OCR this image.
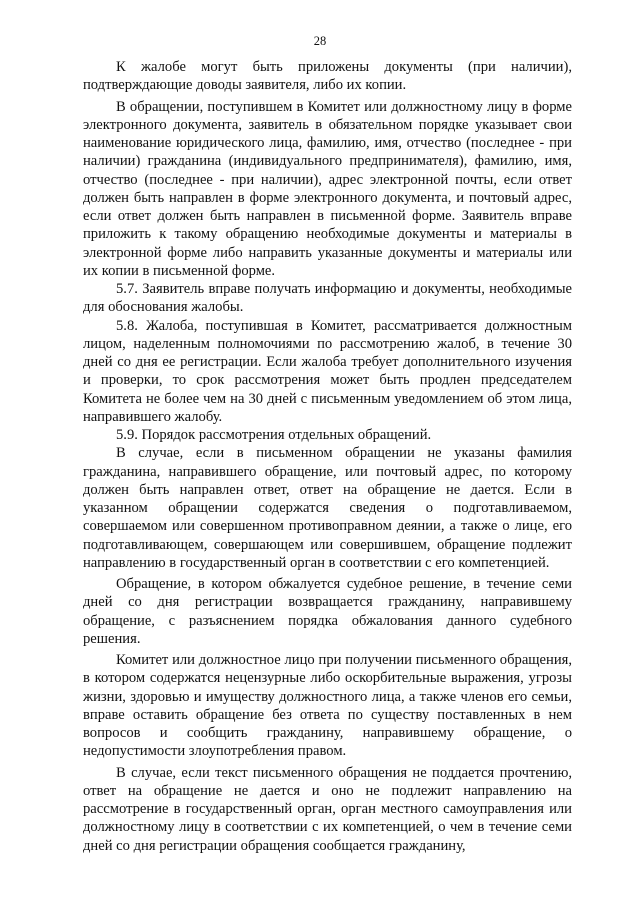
28

К жалобе могут быть приложены документы (при наличии), подтверждающие доводы заявителя, либо их копии.

В обращении, поступившем в Комитет или должностному лицу в форме электронного документа, заявитель в обязательном порядке указывает свои наименование юридического лица, фамилию, имя, отчество (последнее - при наличии) гражданина (индивидуального предпринимателя), фамилию, имя, отчество (последнее - при наличии), адрес электронной почты, если ответ должен быть направлен в форме электронного документа, и почтовый адрес, если ответ должен быть направлен в письменной форме. Заявитель вправе приложить к такому обращению необходимые документы и материалы в электронной форме либо направить указанные документы и материалы или их копии в письменной форме.

5.7. Заявитель вправе получать информацию и документы, необходимые для обоснования жалобы.

5.8. Жалоба, поступившая в Комитет, рассматривается должностным лицом, наделенным полномочиями по рассмотрению жалоб, в течение 30 дней со дня ее регистрации. Если жалоба требует дополнительного изучения и проверки, то срок рассмотрения может быть продлен председателем Комитета не более чем на 30 дней с письменным уведомлением об этом лица, направившего жалобу.

5.9. Порядок рассмотрения отдельных обращений.

В случае, если в письменном обращении не указаны фамилия гражданина, направившего обращение, или почтовый адрес, по которому должен быть направлен ответ, ответ на обращение не дается. Если в указанном обращении содержатся сведения о подготавливаемом, совершаемом или совершенном противоправном деянии, а также о лице, его подготавливающем, совершающем или совершившем, обращение подлежит направлению в государственный орган в соответствии с его компетенцией.

Обращение, в котором обжалуется судебное решение, в течение семи дней со дня регистрации возвращается гражданину, направившему обращение, с разъяснением порядка обжалования данного судебного решения.

Комитет или должностное лицо при получении письменного обращения, в котором содержатся нецензурные либо оскорбительные выражения, угрозы жизни, здоровью и имуществу должностного лица, а также членов его семьи, вправе оставить обращение без ответа по существу поставленных в нем вопросов и сообщить гражданину, направившему обращение, о недопустимости злоупотребления правом.

В случае, если текст письменного обращения не поддается прочтению, ответ на обращение не дается и оно не подлежит направлению на рассмотрение в государственный орган, орган местного самоуправления или должностному лицу в соответствии с их компетенцией, о чем в течение семи дней со дня регистрации обращения сообщается гражданину,
